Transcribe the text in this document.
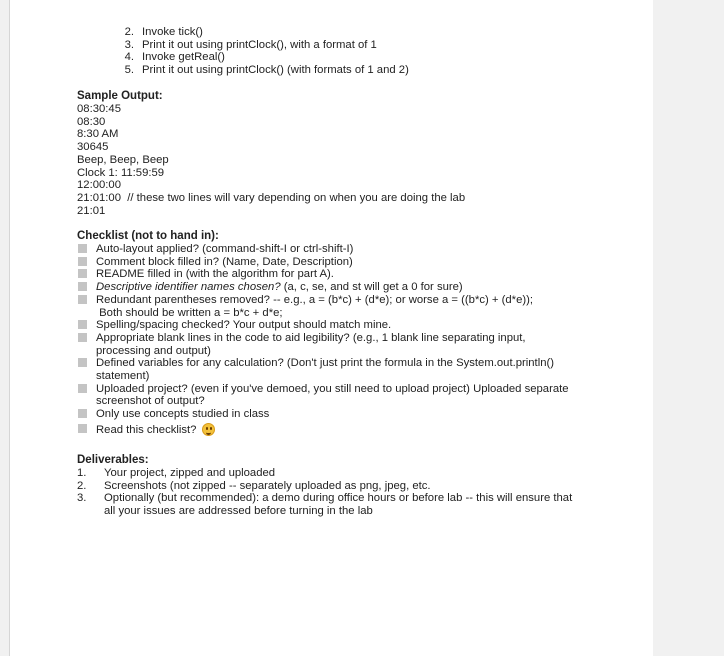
2. Invoke tick()
3. Print it out using printClock(), with a format of 1
4. Invoke getReal()
5. Print it out using printClock() (with formats of 1 and 2)

Sample Output:

08:30:45

08:30

8:30 AM

30645

Beep, Beep, Beep

Clock 1: 11:59:59

12:00:00

21:01:00  // these two lines will vary depending on when you are doing the lab

21:01

Checklist (not to hand in):

Auto-layout applied? (command-shift-I or ctrl-shift-I)
Comment block filled in? (Name, Date, Description)
README filled in (with the algorithm for part A).
Descriptive identifier names chosen? (a, c, se, and st will get a 0 for sure)
Redundant parentheses removed? -- e.g., a = (b*c) + (d*e); or worse a = ((b*c) + (d*e));
Both should be written a = b*c + d*e;
Spelling/spacing checked? Your output should match mine.
Appropriate blank lines in the code to aid legibility? (e.g., 1 blank line separating input, processing and output)
Defined variables for any calculation? (Don't just print the formula in the System.out.println() statement)
Uploaded project? (even if you've demoed, you still need to upload project) Uploaded separate screenshot of output?
Only use concepts studied in class
Read this checklist?

Deliverables:

1. Your project, zipped and uploaded
2. Screenshots (not zipped -- separately uploaded as png, jpeg, etc.
3. Optionally (but recommended): a demo during office hours or before lab -- this will ensure that all your issues are addressed before turning in the lab
